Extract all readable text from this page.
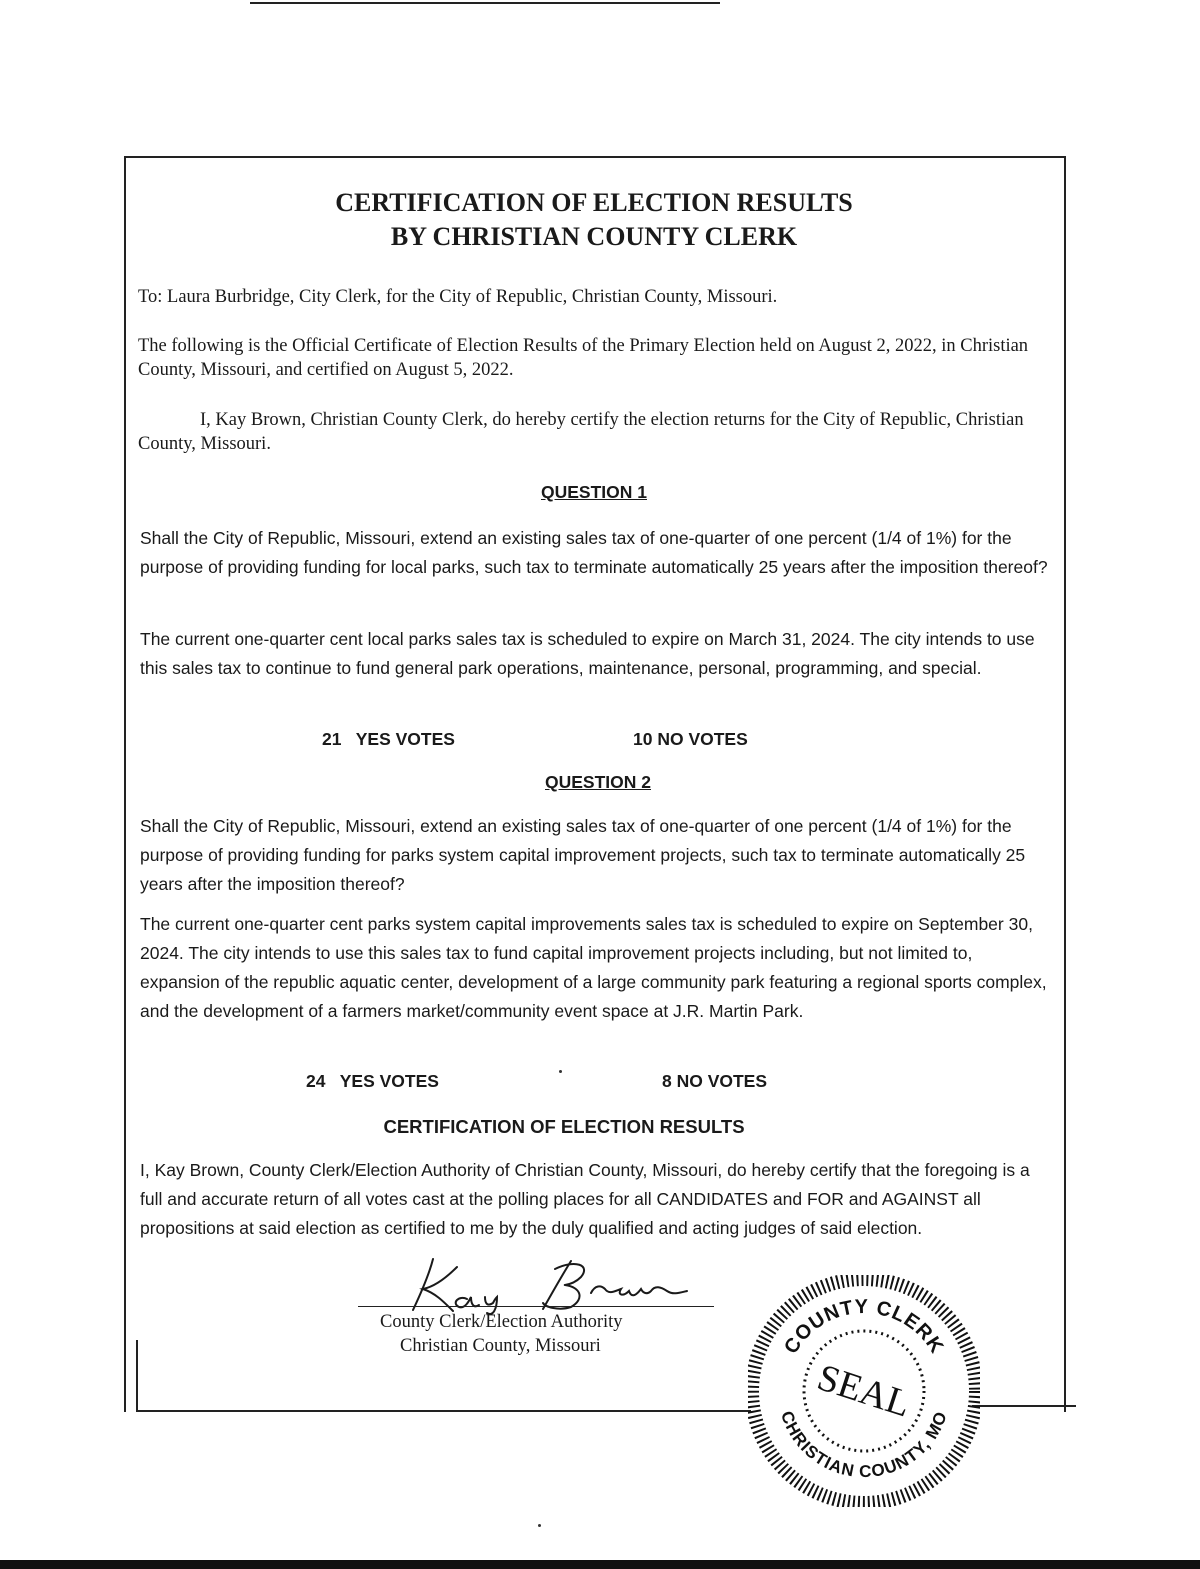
CERTIFICATION OF ELECTION RESULTS
BY CHRISTIAN COUNTY CLERK
To: Laura Burbridge, City Clerk, for the City of Republic, Christian County, Missouri.
The following is the Official Certificate of Election Results of the Primary Election held on August 2, 2022, in Christian County, Missouri, and certified on August 5, 2022.
I, Kay Brown, Christian County Clerk, do hereby certify the election returns for the City of Republic, Christian County, Missouri.
QUESTION 1
Shall the City of Republic, Missouri, extend an existing sales tax of one-quarter of one percent (1/4 of 1%) for the purpose of providing funding for local parks, such tax to terminate automatically 25 years after the imposition thereof?
The current one-quarter cent local parks sales tax is scheduled to expire on March 31, 2024. The city intends to use this sales tax to continue to fund general park operations, maintenance, personal, programming, and special.
21   YES VOTES	10 NO VOTES
QUESTION 2
Shall the City of Republic, Missouri, extend an existing sales tax of one-quarter of one percent (1/4 of 1%) for the purpose of providing funding for parks system capital improvement projects, such tax to terminate automatically 25 years after the imposition thereof?
The current one-quarter cent parks system capital improvements sales tax is scheduled to expire on September 30, 2024. The city intends to use this sales tax to fund capital improvement projects including, but not limited to, expansion of the republic aquatic center, development of a large community park featuring a regional sports complex, and the development of a farmers market/community event space at J.R. Martin Park.
24   YES VOTES	8 NO VOTES
CERTIFICATION OF ELECTION RESULTS
I, Kay Brown, County Clerk/Election Authority of Christian County, Missouri, do hereby certify that the foregoing is a full and accurate return of all votes cast at the polling places for all CANDIDATES and FOR and AGAINST all propositions at said election as certified to me by the duly qualified and acting judges of said election.
County Clerk/Election Authority
Christian County, Missouri	COUNTY CLERK
CHRISTIAN COUNTY, MO
SEAL
